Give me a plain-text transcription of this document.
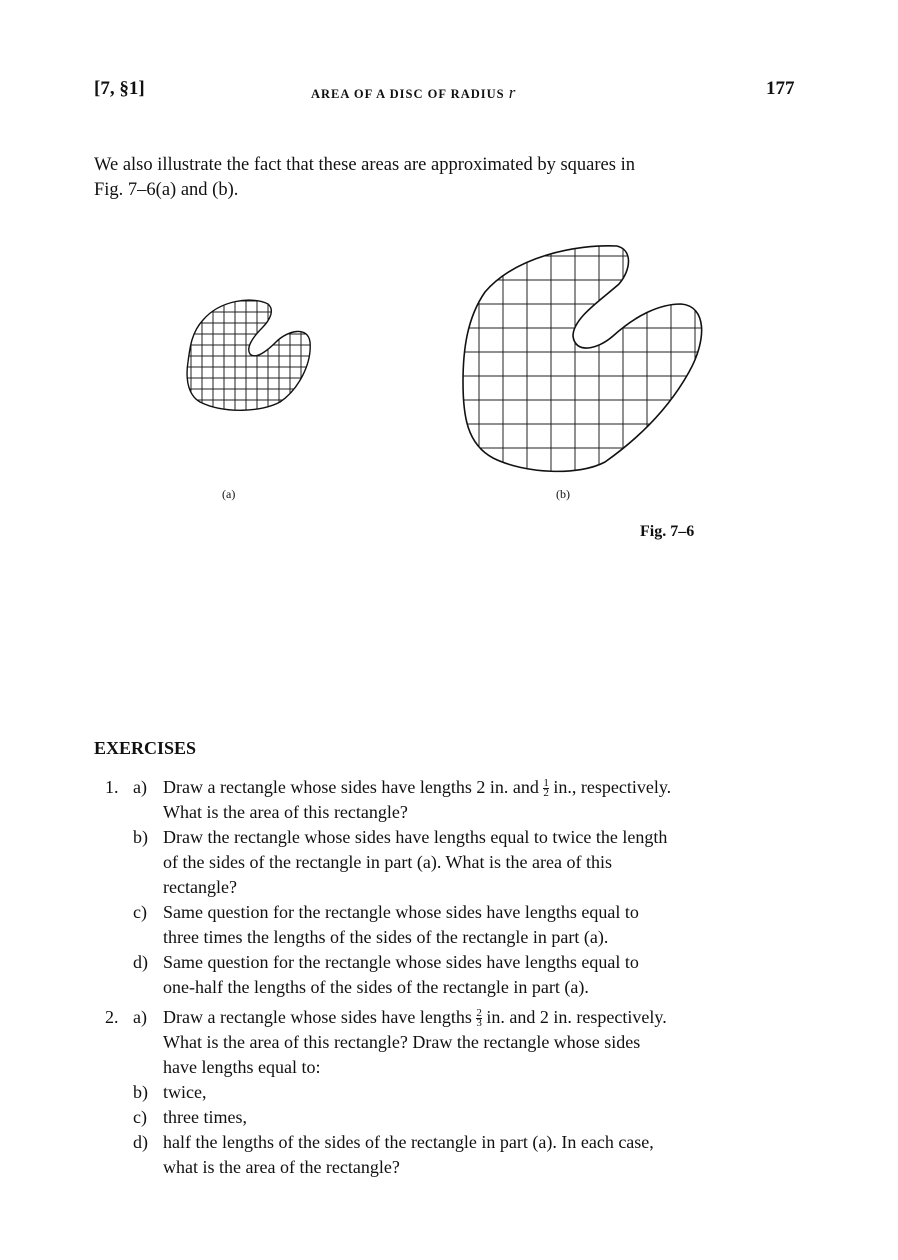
[7, §1]	AREA OF A DISC OF RADIUS r	177
We also illustrate the fact that these areas are approximated by squares in
Fig. 7–6(a) and (b).
(a)	(b)
Fig. 7–6
EXERCISES
1. a) Draw a rectangle whose sides have lengths 2 in. and $\frac{1}{2}$ in., respectively.
What is the area of this rectangle?
b) Draw the rectangle whose sides have lengths equal to twice the length
of the sides of the rectangle in part (a). What is the area of this
rectangle?
c) Same question for the rectangle whose sides have lengths equal to
three times the lengths of the sides of the rectangle in part (a).
d) Same question for the rectangle whose sides have lengths equal to
one-half the lengths of the sides of the rectangle in part (a).
2. a) Draw a rectangle whose sides have lengths $\frac{2}{3}$ in. and 2 in. respectively.
What is the area of this rectangle? Draw the rectangle whose sides
have lengths equal to:
b) twice,
c) three times,
d) half the lengths of the sides of the rectangle in part (a). In each case,
what is the area of the rectangle?
